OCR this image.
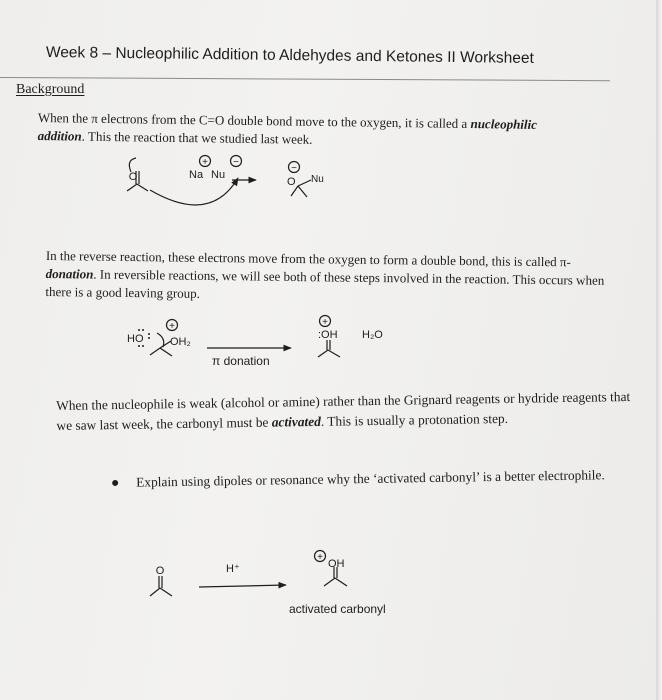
Week 8 – Nucleophilic Addition to Aldehydes and Ketones II Worksheet
Background
When the π electrons from the C=O double bond move to the oxygen, it is called a nucleophilic addition. This the reaction that we studied last week.
In the reverse reaction, these electrons move from the oxygen to form a double bond, this is called π-donation. In reversible reactions, we will see both of these steps involved in the reaction. This occurs when there is a good leaving group.
When the nucleophile is weak (alcohol or amine) rather than the Grignard reagents or hydride reagents that we saw last week, the carbonyl must be activated. This is usually a protonation step.
Explain using dipoles or resonance why the ‘activated carbonyl’ is a better electrophile.
O	Na Nu
+	−
−
O Nu
HO OH₂
+
π donation
+
:OH H₂O
O	H⁺
+
OH
activated carbonyl
